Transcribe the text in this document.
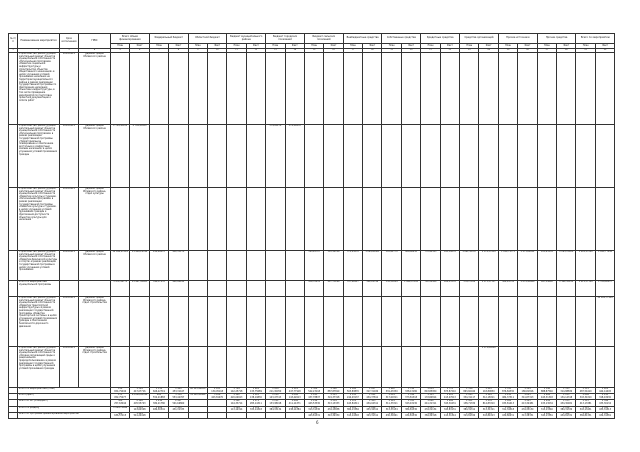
№ п/п	Наименование мероприятия	Срок исполнения	ГРБС	Всего объем финансирования		Федеральный бюджет		Областной бюджет		Бюджет муниципального района		Бюджет городских поселений		Бюджет сельских поселений		Внебюджетные средства		Собственные средства		Кредитные средства		Средства организаций		Прочие источники		Прочие средства		Всего по мероприятию	
				План	Факт	План	Факт	План	Факт	План	Факт	План	Факт	План	Факт	План	Факт	План	Факт	План	Факт	План	Факт	План	Факт	План	Факт	План	Факт
1	2	3	4	5	6	7	8	9	10	11	12	13	14	15	16	17	18	19	20	21	22	23	24	25	26	27	28	29	30
	Строительство, реконструкция, капитальный ремонт объектов муниципальной собственности «Региональная программа» «Развитие социальной инфраструктуры и строительство объектов общественного назначения» в целях улучшения условий проживания населения на территории муниципального района в рамках реализации государственной программы по обеспечению населения объектами инфраструктуры, в том числе проведение мероприятий по подготовке проектной документации и оплате работ	2019-2021	Администрация Обливского района																										
	Строительство, реконструкция, капитальный ремонт объектов муниципальной собственности «Региональная программа» в рамках реализации государственной программы «Территориальное планирование и обеспечение доступным и комфортным жильем населения» в целях улучшения условий проживания граждан	2019-2021	Администрация Обливского района	2 704,40950	2 704,40950							374,18476	374,18476																
	Строительство, реконструкция, капитальный ремонт объектов муниципальной собственности «Развитие культуры и туризма» «Региональная программа» в рамках реализации государственной программы «Развитие культуры и туризма» в целях улучшения условий проживания граждан и обеспечения доступности объектов культуры для населения	2019-2021	Администрация Обливского района, отдел культуры																										
	Строительство, реконструкция, капитальный ремонт объектов муниципальной собственности «Развитие физической культуры и спорта» в рамках реализации государственной программы в целях улучшения условий проживания	2019-2021	Администрация Обливского района	14 090,67044	11 446,29594	412,89470	412,35270							395,28707	395,18766	371,43033	1 099,80465	393,62770	486,80850	735,44343	815,59076	1 061,30327	1 376,33118	1 614,74773	1 271,80912	933,65259	1 293,13480	1 461,17090	1 821,77442
	Итого по мероприятиям муниципальной программы			3 472,49772	13 487,41063	390,37035	422,90242							459,35451	447,73298	337,42827	502,24746	352,56529	1 064,97318	742,50420	850,13335	376,17058	1 375,37317	582,29754	1 079,93666	897,14890	1 182,45412	1 411,37348	1 558,60217
	Строительство, реконструкция, капитальный ремонт объектов муниципальной собственности «Развитие транспортной инфраструктуры» в рамках реализации государственной программы «Развитие транспортной системы» в целях улучшения условий проживания граждан и обеспечения безопасности дорожного движения	2019-2021	Администрация Обливского района, отдел строительства																										10 126,77400
	Строительство, реконструкция, капитальный ремонт объектов муниципальной собственности «Охрана окружающей среды и рациональное природопользование» в рамках реализации государственной программы в целях улучшения условий проживания граждан	2019-2021	Администрация Обливского района, отдел строительства																				1 372,00000						
	Итого по мероприятиям (план)			150 654,79040	1 384 447,07716	1 311 666,22719	1 444 453,31167	82 123,48950	2 105 130,05118	1 764 142,25718	1 922 133,75689	1 108 211,30050	1 114 447,77918	1 324 542,23118	1 368 887,87819	1 584 503,83870	1 817 317,31180	1 942 331,43330	1 742 338,13180	1 614 843,85950	1 778 873,87210	1 316 863,60040	1 443 118,80830	1 313 876,84330	1 324 186,81816	1 348 888,87540	1 313 314,88830	1 311 487,54419	1 422 442,14445
	Итого (факт)			275 052,75077	21 028,82390	202 552,21883	3 354 553,42767	31 122,43989	3 108 423,81970	1 101 420,09913	1 123 138,19830	1 110 143,47313	1 084 143,42613	1 143 437,78837	1 313 324,37318	1 332 244,03137	1 141 434,37811	1 014 317,60311	1 314 373,81318	1 113 133,84814	1 013 413,07013	1 143 334,31117	1 143 312,18311	1 113 484,37311	1 013 341,87313	1 018 443,31318	1 133 134,14318	1 084 343,34310	1 113 318,43030
	Всего по МП (план/факт)			300 257,63044	2 188 405,55743	1 210 382,21780	2 417 591,66860			1 382 144,33714	1 171 283,14311	1 111 133,38018	1 484 411,14371	1 114 443,53330	1 334 313,13333	1 311 443,84311	1 383 434,04311	1 141 311,33311	1 313 343,43130	1 081 441,31311	1 084 343,30431	1 431 138,71330	1 131 814,83310	1 041 033,81413	1 343 413,30481	1 034 433,13034	1 133 434,30481	1 313 413,13381	1 340 433,30134
	Итого по разделу			1 284,72090	1 234 143,60348	1 080 484,30341	1 134 431,31333			1 384 113,14314	1 311 333,14318	1 313 384,33134	1 343 438,14384	1 343 313,31330	1 143 434,13838	1 313 384,13384	1 014 433,34311	1 134 313,33134	1 343 384,81330	1 313 434,31134	1 138 343,83131	1 013 384,31311	1 343 313,31311	1 343 311,34318	1 313 434,33130	1 343 313,13340	1 134 384,31330	1 313 343,13431	1 343 433,31313
	Всего по программе финансирования мероприятий			460 636,57115	1 444 541,20418									1 313 443,81331	1 081 343,34330	1 334 313,14318	1 343 343,31311	1 313 430,30341	1 134 434,81330	1 843 384,30318	1 013 413,31314	1 343 313,81334	1 313 343,84313	1 313 430,80031	1 134 313,38331	1 043 343,13381	1 384 434,81331	1 313 384,81331	1 343 434,31381
6
